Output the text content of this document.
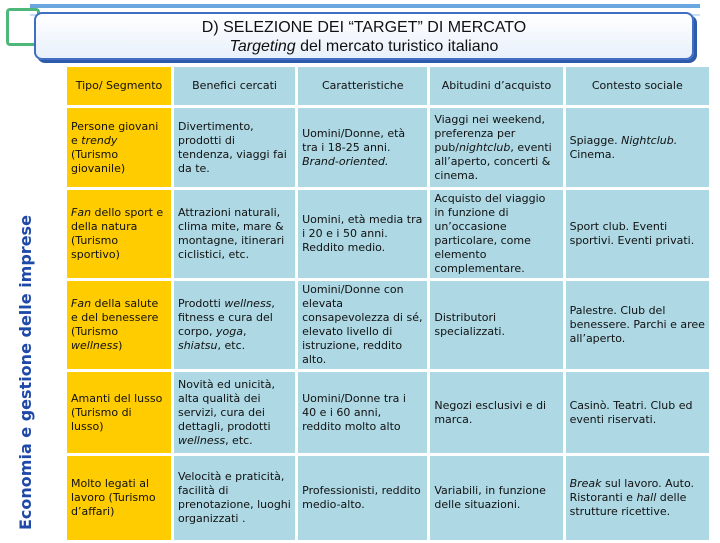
Economia e gestione delle imprese
D) SELEZIONE DEI “TARGET” DI MERCATO
Targeting del mercato turistico italiano
Tipo/ Segmento	Benefici cercati	Caratteristiche	Abitudini d’acquisto	Contesto sociale
Persone giovani e trendy (Turismo giovanile)	Divertimento, prodotti di tendenza, viaggi fai da te.	Uomini/Donne, età tra i 18-25 anni. Brand-oriented.	Viaggi nei weekend, preferenza per pub/nightclub, eventi all’aperto, concerti & cinema.	Spiagge. Nightclub. Cinema.
Fan dello sport e della natura (Turismo sportivo)	Attrazioni naturali, clima mite, mare & montagne, itinerari ciclistici, etc.	Uomini, età media tra i 20 e i 50 anni. Reddito medio.	Acquisto del viaggio in funzione di un’occasione particolare, come elemento complementare.	Sport club. Eventi sportivi. Eventi privati.
Fan della salute e del benessere (Turismo wellness)	Prodotti wellness, fitness e cura del corpo, yoga, shiatsu, etc.	Uomini/Donne con elevata consapevolezza di sé, elevato livello di istruzione, reddito alto.	Distributori specializzati.	Palestre. Club del benessere. Parchi e aree all’aperto.
Amanti del lusso (Turismo di lusso)	Novità ed unicità, alta qualità dei servizi, cura dei dettagli, prodotti wellness, etc.	Uomini/Donne tra i 40 e i 60 anni, reddito molto alto	Negozi esclusivi e di marca.	Casinò. Teatri. Club ed eventi riservati.
Molto legati al lavoro (Turismo d’affari)	Velocità e praticità, facilità di prenotazione, luoghi organizzati .	Professionisti, reddito medio-alto.	Variabili, in funzione delle situazioni.	Break sul lavoro. Auto. Ristoranti e hall delle strutture ricettive.
